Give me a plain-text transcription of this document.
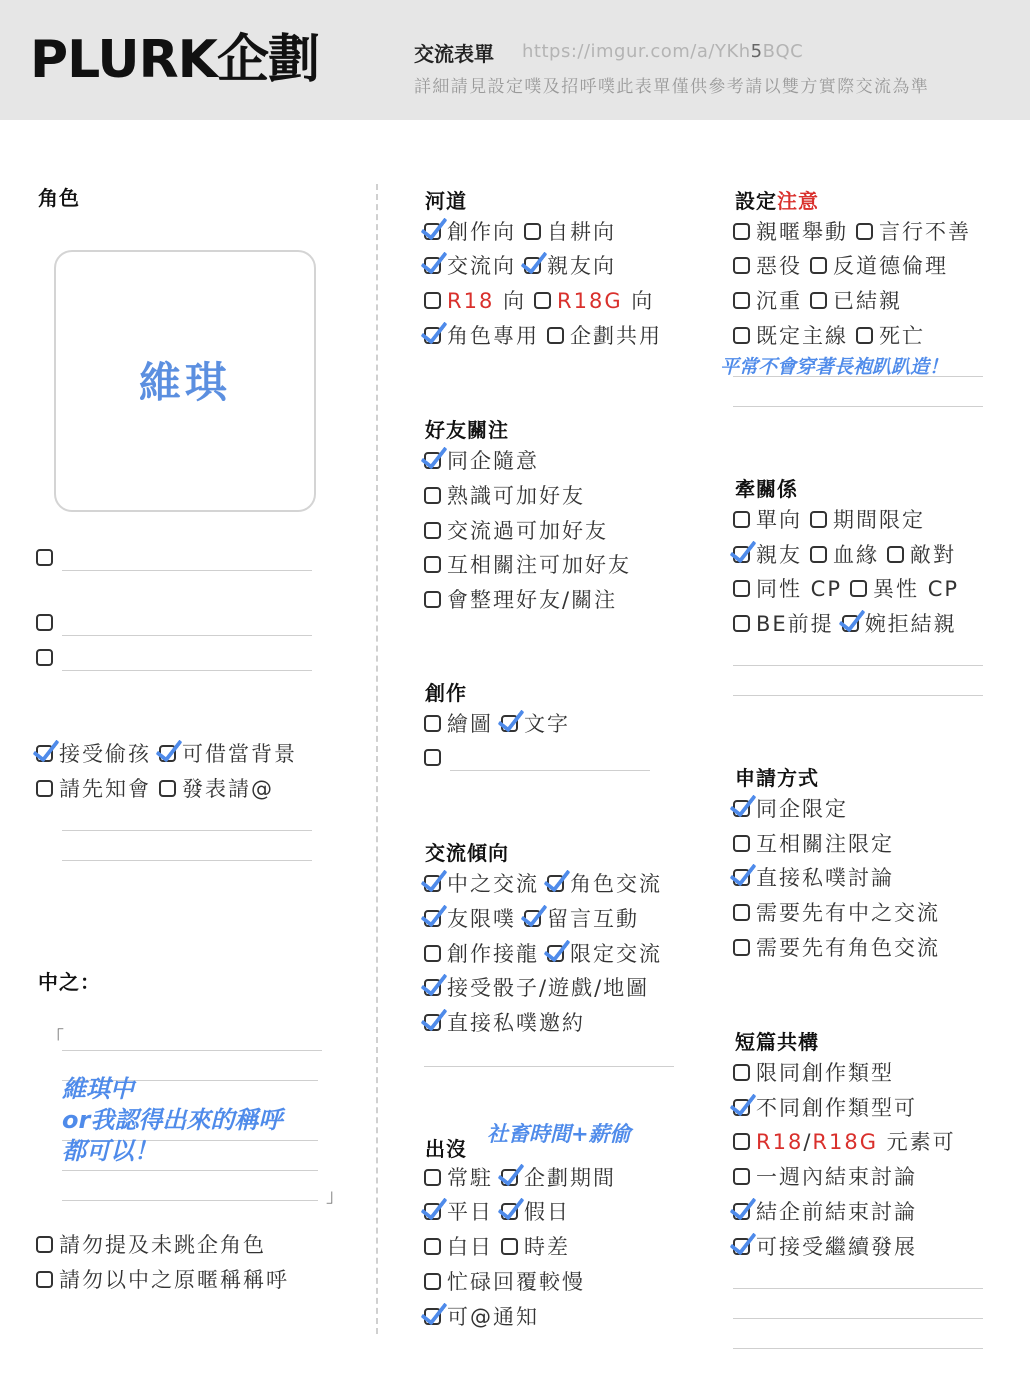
PLURK企劃	交流表單 https://imgur.com/a/YKh5BQC
詳細請見設定噗及招呼噗此表單僅供參考請以雙方實際交流為準
角色
維琪
接受偷孩 可借當背景
請先知會 發表請@
中之：
「
」
維琪中
or我認得出來的稱呼
都可以！
請勿提及未跳企角色
請勿以中之原暱稱稱呼
河道
創作向 自耕向
交流向 親友向
R18 向 R18G 向
角色專用 企劃共用
好友關注
同企隨意
熟識可加好友
交流過可加好友
互相關注可加好友
會整理好友/關注
創作
繪圖 文字
交流傾向
中之交流 角色交流
友限噗 留言互動
創作接龍 限定交流
接受骰子/遊戲/地圖
直接私噗邀約
出沒
社畜時間+薪偷
常駐 企劃期間
平日 假日
白日 時差
忙碌回覆較慢
可@通知
設定注意
親暱舉動 言行不善
惡役 反道德倫理
沉重 已結親
既定主線 死亡
平常不會穿著長袍趴趴造！
牽關係
單向 期間限定
親友 血緣 敵對
同性 CP 異性 CP
BE前提 婉拒結親
申請方式
同企限定
互相關注限定
直接私噗討論
需要先有中之交流
需要先有角色交流
短篇共構
限同創作類型
不同創作類型可
R18/R18G 元素可
一週內結束討論
結企前結束討論
可接受繼續發展
